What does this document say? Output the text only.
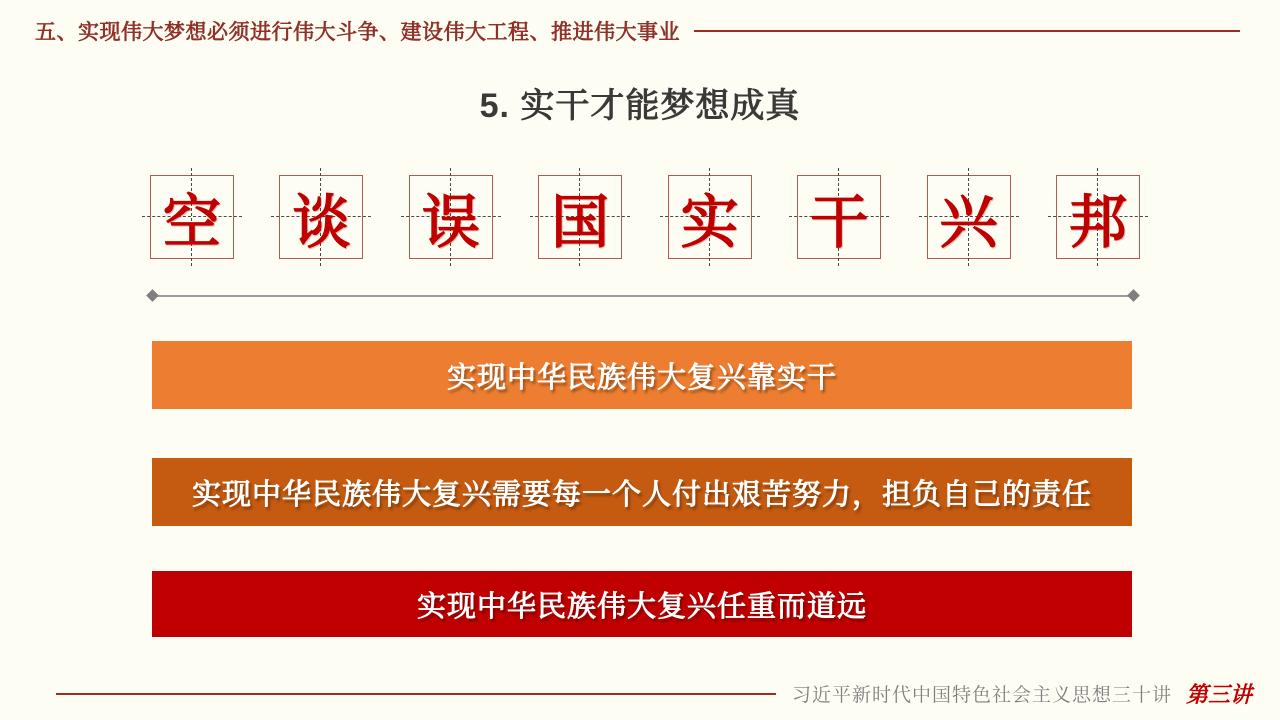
五、实现伟大梦想必须进行伟大斗争、建设伟大工程、推进伟大事业
5. 实干才能梦想成真
空 谈 误 国 实 干 兴 邦
实现中华民族伟大复兴靠实干
实现中华民族伟大复兴需要每一个人付出艰苦努力，担负自己的责任
实现中华民族伟大复兴任重而道远
习近平新时代中国特色社会主义思想三十讲 第三讲
